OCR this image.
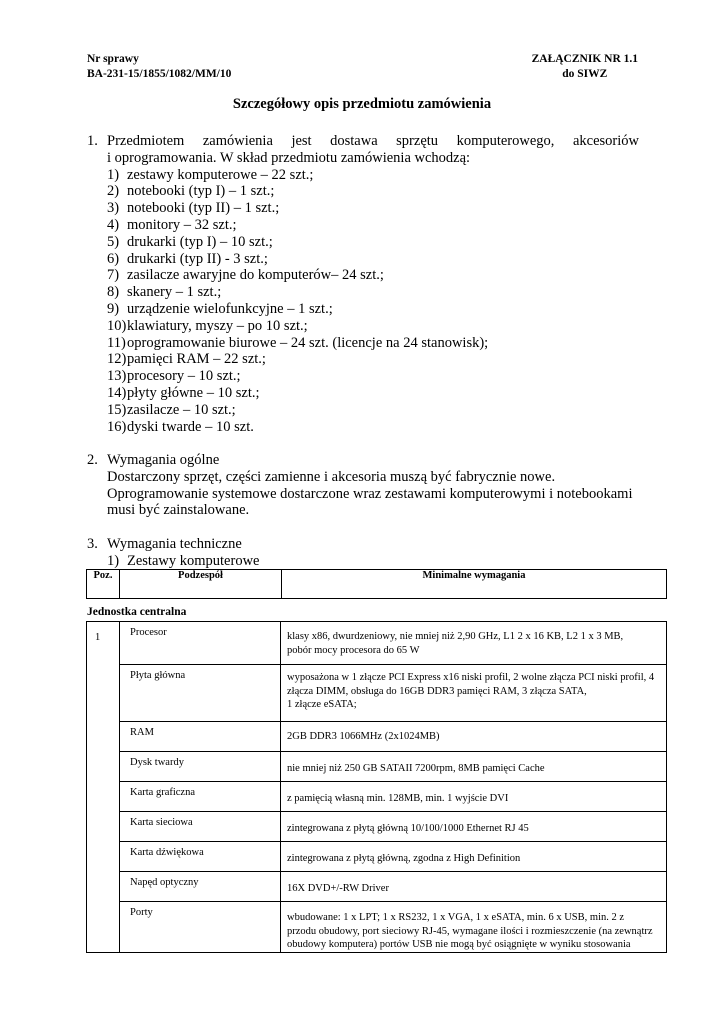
Nr sprawy
BA-231-15/1855/1082/MM/10
ZAŁĄCZNIK NR 1.1
do SIWZ
Szczegółowy opis przedmiotu zamówienia
1. Przedmiotem zamówienia jest dostawa sprzętu komputerowego, akcesoriów
i oprogramowania. W skład przedmiotu zamówienia wchodzą:
1) zestawy komputerowe – 22 szt.;
2) notebooki (typ I) – 1 szt.;
3) notebooki (typ II) – 1 szt.;
4) monitory – 32 szt.;
5) drukarki (typ I) – 10 szt.;
6) drukarki (typ II) - 3 szt.;
7) zasilacze awaryjne do komputerów– 24 szt.;
8) skanery – 1 szt.;
9) urządzenie wielofunkcyjne – 1 szt.;
10) klawiatury, myszy – po 10 szt.;
11) oprogramowanie biurowe – 24 szt. (licencje na 24 stanowisk);
12) pamięci RAM – 22 szt.;
13) procesory – 10 szt.;
14) płyty główne – 10 szt.;
15) zasilacze – 10 szt.;
16) dyski twarde – 10 szt.
2. Wymagania ogólne
Dostarczony sprzęt, części zamienne i akcesoria muszą być fabrycznie nowe.
Oprogramowanie systemowe dostarczone wraz zestawami komputerowymi i notebookami
musi być zainstalowane.
3. Wymagania techniczne
1) Zestawy komputerowe
Poz.	Podzespół	Minimalne wymagania
Jednostka centralna
1	Procesor	klasy x86, dwurdzeniowy, nie mniej niż 2,90 GHz, L1 2 x 16 KB, L2 1 x 3 MB,
pobór mocy procesora do 65 W

	Płyta główna	wyposażona w 1 złącze PCI Express x16 niski profil, 2 wolne złącza PCI niski profil, 4
złącza DIMM, obsługa do 16GB DDR3 pamięci RAM, 3 złącza SATA,
1 złącze eSATA;

	RAM	2GB DDR3 1066MHz (2x1024MB)

	Dysk twardy	nie mniej niż 250 GB SATAII 7200rpm, 8MB pamięci Cache

	Karta graficzna	z pamięcią własną min. 128MB, min. 1 wyjście DVI

	Karta sieciowa	zintegrowana z płytą główną 10/100/1000 Ethernet RJ 45

	Karta dźwiękowa	zintegrowana z płytą główną, zgodna z High Definition

	Napęd optyczny	16X DVD+/-RW Driver

	Porty	wbudowane: 1 x LPT; 1 x RS232, 1 x VGA, 1 x eSATA, min. 6 x USB, min. 2 z
przodu obudowy, port sieciowy RJ-45, wymagane ilości i rozmieszczenie (na zewnątrz
obudowy komputera) portów USB nie mogą być osiągnięte w wyniku stosowania
